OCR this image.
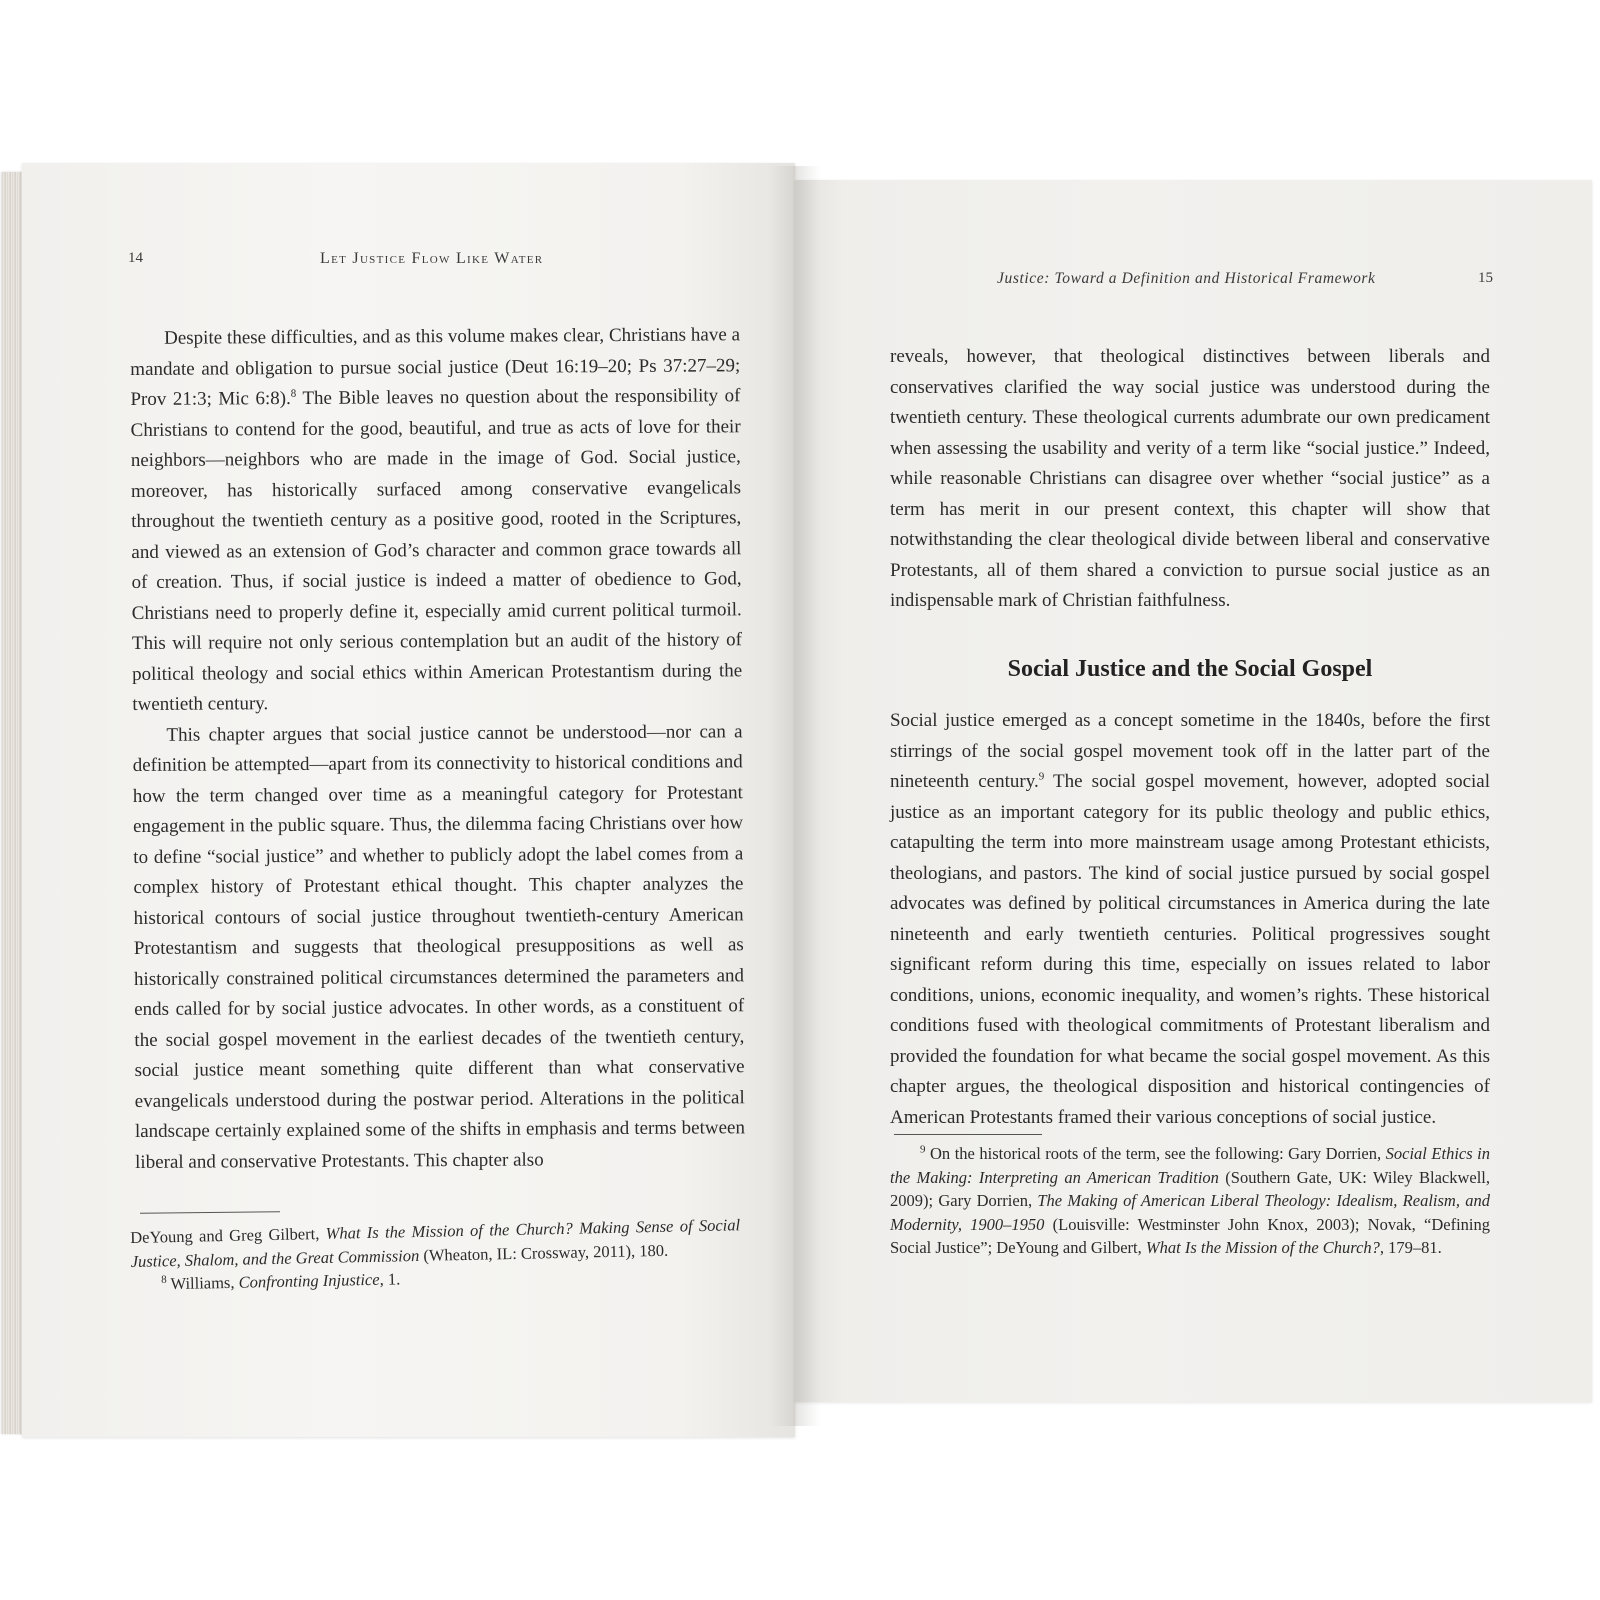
14	Let Justice Flow Like Water
Justice: Toward a Definition and Historical Framework	15

Despite these difficulties, and as this volume makes clear, Christians have a mandate and obligation to pursue social justice (Deut 16:19–20; Ps 37:27–29; Prov 21:3; Mic 6:8).$^8$ The Bible leaves no question about the responsibility of Christians to contend for the good, beautiful, and true as acts of love for their neighbors—neighbors who are made in the image of God. Social justice, moreover, has historically surfaced among conservative evangelicals throughout the twentieth century as a positive good, rooted in the Scriptures, and viewed as an extension of God’s character and common grace towards all of creation. Thus, if social justice is indeed a matter of obedience to God, Christians need to properly define it, especially amid current political turmoil. This will require not only serious contemplation but an audit of the history of political theology and social ethics within American Protestantism during the twentieth century.

This chapter argues that social justice cannot be understood—nor can a definition be attempted—apart from its connectivity to historical conditions and how the term changed over time as a meaningful category for Protestant engagement in the public square. Thus, the dilemma facing Christians over how to define “social justice” and whether to publicly adopt the label comes from a complex history of Protestant ethical thought. This chapter analyzes the historical contours of social justice throughout twentieth-century American Protestantism and suggests that theological presuppositions as well as historically constrained political circumstances determined the parameters and ends called for by social justice advocates. In other words, as a constituent of the social gospel movement in the earliest decades of the twentieth century, social justice meant something quite different than what conservative evangelicals understood during the postwar period. Alterations in the political landscape certainly explained some of the shifts in emphasis and terms between liberal and conservative Protestants. This chapter also

DeYoung and Greg Gilbert, What Is the Mission of the Church? Making Sense of Social Justice, Shalom, and the Great Commission (Wheaton, IL: Crossway, 2011), 180.

$^8$ Williams, Confronting Injustice, 1.

reveals, however, that theological distinctives between liberals and conservatives clarified the way social justice was understood during the twentieth century. These theological currents adumbrate our own predicament when assessing the usability and verity of a term like “social justice.” Indeed, while reasonable Christians can disagree over whether “social justice” as a term has merit in our present context, this chapter will show that notwithstanding the clear theological divide between liberal and conservative Protestants, all of them shared a conviction to pursue social justice as an indispensable mark of Christian faithfulness.

Social Justice and the Social Gospel

Social justice emerged as a concept sometime in the 1840s, before the first stirrings of the social gospel movement took off in the latter part of the nineteenth century.$^9$ The social gospel movement, however, adopted social justice as an important category for its public theology and public ethics, catapulting the term into more mainstream usage among Protestant ethicists, theologians, and pastors. The kind of social justice pursued by social gospel advocates was defined by political circumstances in America during the late nineteenth and early twentieth centuries. Political progressives sought significant reform during this time, especially on issues related to labor conditions, unions, economic inequality, and women’s rights. These historical conditions fused with theological commitments of Protestant liberalism and provided the foundation for what became the social gospel movement. As this chapter argues, the theological disposition and historical contingencies of American Protestants framed their various conceptions of social justice.

$^9$ On the historical roots of the term, see the following: Gary Dorrien, Social Ethics in the Making: Interpreting an American Tradition (Southern Gate, UK: Wiley Blackwell, 2009); Gary Dorrien, The Making of American Liberal Theology: Idealism, Realism, and Modernity, 1900–1950 (Louisville: Westminster John Knox, 2003); Novak, “Defining Social Justice”; DeYoung and Gilbert, What Is the Mission of the Church?, 179–81.
